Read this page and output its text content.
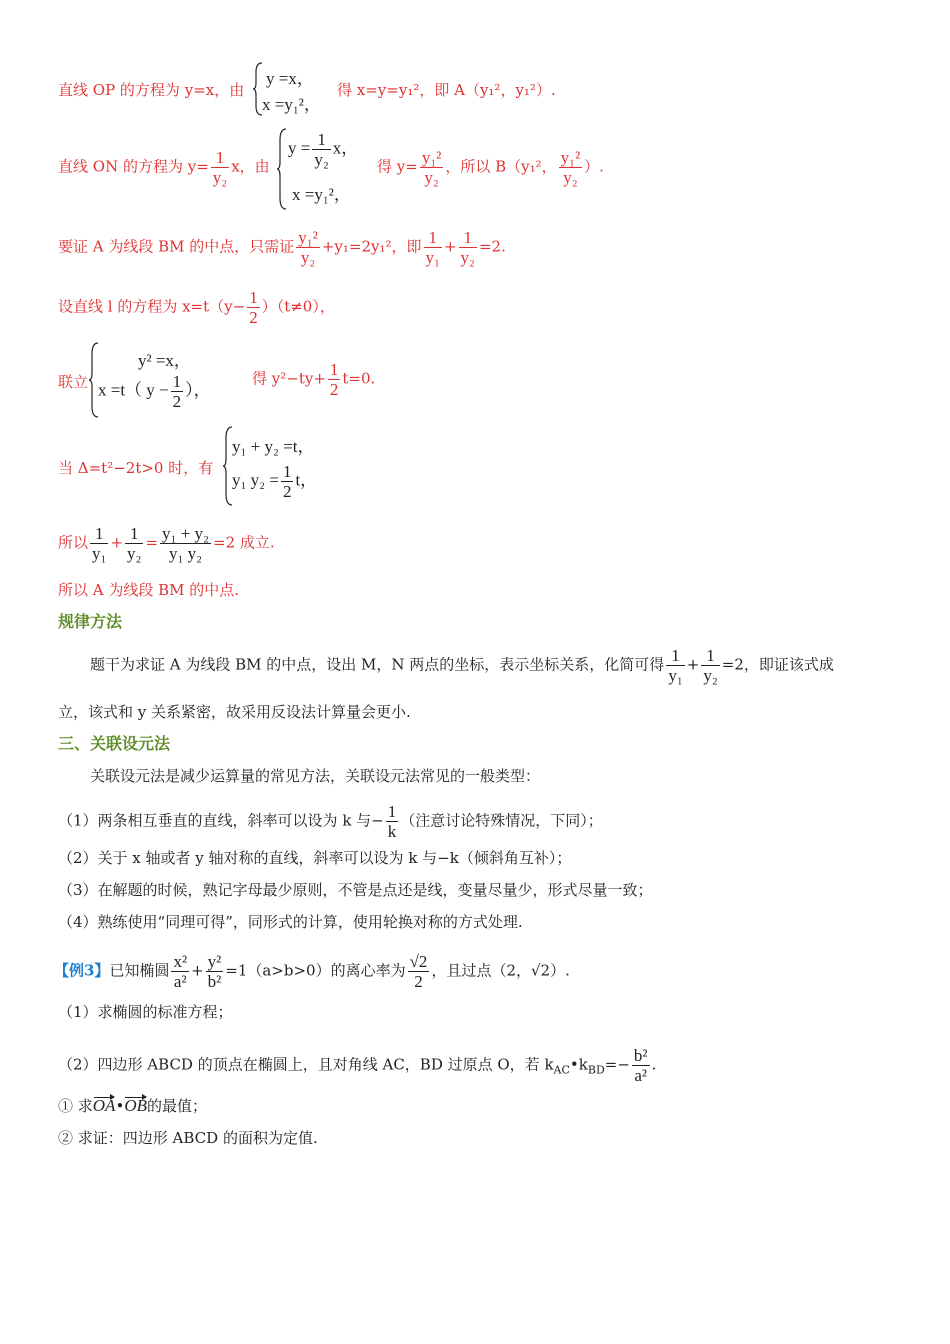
直线 OP 的方程为 y=x，由
y =x，
x =y₁²，
得 x=y=y₁²，即 A（y₁²，y₁²）.
直线 ON 的方程为 $y= \frac{1}{\text{y₂}}$ x，由
$y = \frac{1}{\text{y₂}}$ x，
x =y₁²，
得 $y= \frac{\text{y₁²}}{\text{y₂}}$ ，所以 B（y₁²， $\frac{\text{y₁²}}{\text{y₂}}$ ）.
要证 A 为线段 BM 的中点，只需证 $\frac{\text{y₁²}}{\text{y₂}} +y_1=2y_1^2$，即 $\frac{1}{\text{y₁}} + \frac{1}{\text{y₂}} =2$.
设直线 l 的方程为 $x=t(y- \frac{1}{2} )(t\ne 0)$，
联立
y² =x，
x =t（ $y - \frac{1}{2}$ ），
得 $y^2-ty+ \frac{1}{2} t=0$.
当 Δ=t²−2t>0 时，有
y₁ + y₂ =t，
y₁ $y_2 = \frac{1}{2}$ t，
所以 $\frac{1}{\text{y₁}} + \frac{1}{\text{y₂}} = \frac{\text{y₁ + y₂}}{\text{y₁ y₂}} =2$ 成立.
所以 A 为线段 BM 的中点.
规律方法
题干为求证 A 为线段 BM 的中点，设出 M，N 两点的坐标，表示坐标关系，化简可得 $\frac{1}{\text{y₁}} + \frac{1}{\text{y₂}} =2$，即证该式成
立，该式和 y 关系紧密，故采用反设法计算量会更小.
三、关联设元法
关联设元法是减少运算量的常见方法，关联设元法常见的一般类型：
（1）两条相互垂直的直线，斜率可以设为 k 与− $\frac{1}{k}$ （注意讨论特殊情况，下同）；
（2）关于 x 轴或者 y 轴对称的直线，斜率可以设为 k 与−k（倾斜角互补）；
（3）在解题的时候，熟记字母最少原则，不管是点还是线，变量尽量少，形式尽量一致；
（4）熟练使用“同理可得”，同形式的计算，使用轮换对称的方式处理.
【例3】已知椭圆 $\frac{\text{x²}}{\text{a²}} + \frac{\text{y²}}{\text{b²}} =1(a>b>0)$的离心率为 $\frac{√2}{2}$ ，且过点（2，√2）.
（1）求椭圆的标准方程；
（2）四边形 ABCD 的顶点在椭圆上，且对角线 AC，BD 过原点 O，若 $k_{AC}•k_{BD}=- \frac{\text{b²}}{\text{a²}}$ .
① 求OA•OB的最值；
② 求证：四边形 ABCD 的面积为定值.
